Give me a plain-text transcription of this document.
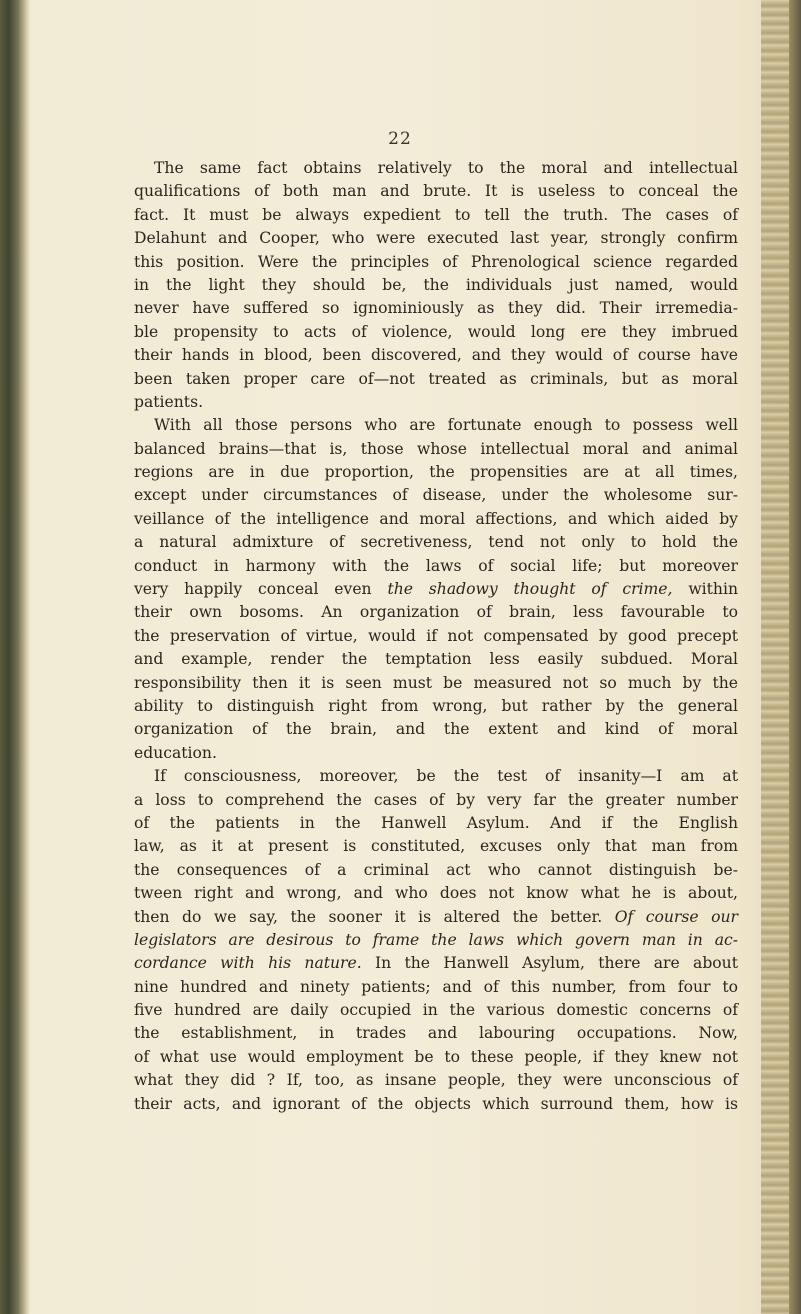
22
The same fact obtains relatively to the moral and intellectual
qualifications of both man and brute. It is useless to conceal the
fact. It must be always expedient to tell the truth. The cases of
Delahunt and Cooper, who were executed last year, strongly confirm
this position. Were the principles of Phrenological science regarded
in the light they should be, the individuals just named, would
never have suffered so ignominiously as they did. Their irremedia-
ble propensity to acts of violence, would long ere they imbrued
their hands in blood, been discovered, and they would of course have
been taken proper care of—not treated as criminals, but as moral
patients.
With all those persons who are fortunate enough to possess well
balanced brains—that is, those whose intellectual moral and animal
regions are in due proportion, the propensities are at all times,
except under circumstances of disease, under the wholesome sur-
veillance of the intelligence and moral affections, and which aided by
a natural admixture of secretiveness, tend not only to hold the
conduct in harmony with the laws of social life; but moreover
very happily conceal even the shadowy thought of crime, within
their own bosoms. An organization of brain, less favourable to
the preservation of virtue, would if not compensated by good precept
and example, render the temptation less easily subdued. Moral
responsibility then it is seen must be measured not so much by the
ability to distinguish right from wrong, but rather by the general
organization of the brain, and the extent and kind of moral
education.
If consciousness, moreover, be the test of insanity—I am at
a loss to comprehend the cases of by very far the greater number
of the patients in the Hanwell Asylum. And if the English
law, as it at present is constituted, excuses only that man from
the consequences of a criminal act who cannot distinguish be-
tween right and wrong, and who does not know what he is about,
then do we say, the sooner it is altered the better. Of course our
legislators are desirous to frame the laws which govern man in ac-
cordance with his nature. In the Hanwell Asylum, there are about
nine hundred and ninety patients; and of this number, from four to
five hundred are daily occupied in the various domestic concerns of
the establishment, in trades and labouring occupations. Now,
of what use would employment be to these people, if they knew not
what they did ? If, too, as insane people, they were unconscious of
their acts, and ignorant of the objects which surround them, how is
